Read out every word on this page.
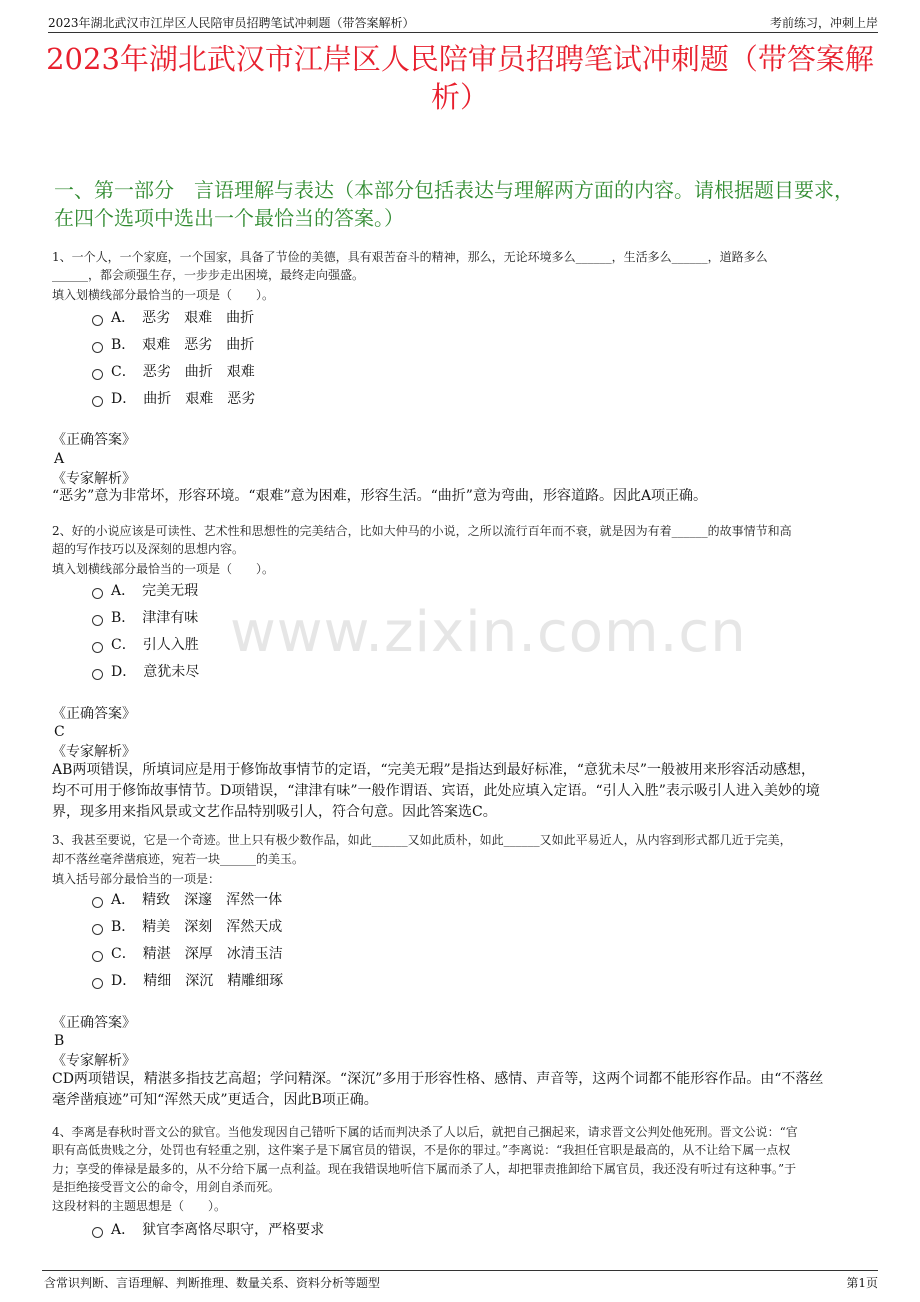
2023年湖北武汉市江岸区人民陪审员招聘笔试冲刺题（带答案解析）	考前练习，冲刺上岸
2023年湖北武汉市江岸区人民陪审员招聘笔试冲刺题（带答案解析）
一、第一部分　言语理解与表达（本部分包括表达与理解两方面的内容。请根据题目要求，在四个选项中选出一个最恰当的答案。）
www.zixin.com.cn
1、一个人，一个家庭，一个国家，具备了节俭的美德，具有艰苦奋斗的精神，那么，无论环境多么______，生活多么______，道路多么
______，都会顽强生存，一步步走出困境，最终走向强盛。
填入划横线部分最恰当的一项是（　　）。
A．　恶劣　艰难　曲折
B．　艰难　恶劣　曲折
C．　恶劣　曲折　艰难
D．　曲折　艰难　恶劣
《正确答案》
A
《专家解析》
“恶劣”意为非常坏，形容环境。“艰难”意为困难，形容生活。“曲折”意为弯曲，形容道路。因此A项正确。
2、好的小说应该是可读性、艺术性和思想性的完美结合，比如大仲马的小说，之所以流行百年而不衰，就是因为有着______的故事情节和高
超的写作技巧以及深刻的思想内容。
填入划横线部分最恰当的一项是（　　）。
A．　完美无瑕
B．　津津有味
C．　引人入胜
D．　意犹未尽
《正确答案》
C
《专家解析》
AB两项错误，所填词应是用于修饰故事情节的定语，“完美无瑕”是指达到最好标准，“意犹未尽”一般被用来形容活动感想，
均不可用于修饰故事情节。D项错误，“津津有味”一般作谓语、宾语，此处应填入定语。“引人入胜”表示吸引人进入美妙的境
界，现多用来指风景或文艺作品特别吸引人，符合句意。因此答案选C。
3、我甚至要说，它是一个奇迹。世上只有极少数作品，如此______又如此质朴，如此______又如此平易近人，从内容到形式都几近于完美，
却不落丝毫斧凿痕迹，宛若一块______的美玉。
填入括号部分最恰当的一项是：
A．　精致　深邃　浑然一体
B．　精美　深刻　浑然天成
C．　精湛　深厚　冰清玉洁
D．　精细　深沉　精雕细琢
《正确答案》
B
《专家解析》
CD两项错误，精湛多指技艺高超；学问精深。“深沉”多用于形容性格、感情、声音等，这两个词都不能形容作品。由“不落丝
毫斧凿痕迹”可知“浑然天成”更适合，因此B项正确。
4、李离是春秋时晋文公的狱官。当他发现因自己错听下属的话而判决杀了人以后，就把自己捆起来，请求晋文公判处他死刑。晋文公说：“官
职有高低贵贱之分，处罚也有轻重之别，这件案子是下属官员的错误，不是你的罪过。”李离说：“我担任官职是最高的，从不让给下属一点权
力；享受的俸禄是最多的，从不分给下属一点利益。现在我错误地听信下属而杀了人，却把罪责推卸给下属官员，我还没有听过有这种事。”于
是拒绝接受晋文公的命令，用剑自杀而死。
这段材料的主题思想是（　　）。
A．　狱官李离恪尽职守，严格要求
含常识判断、言语理解、判断推理、数量关系、资料分析等题型	第1页
